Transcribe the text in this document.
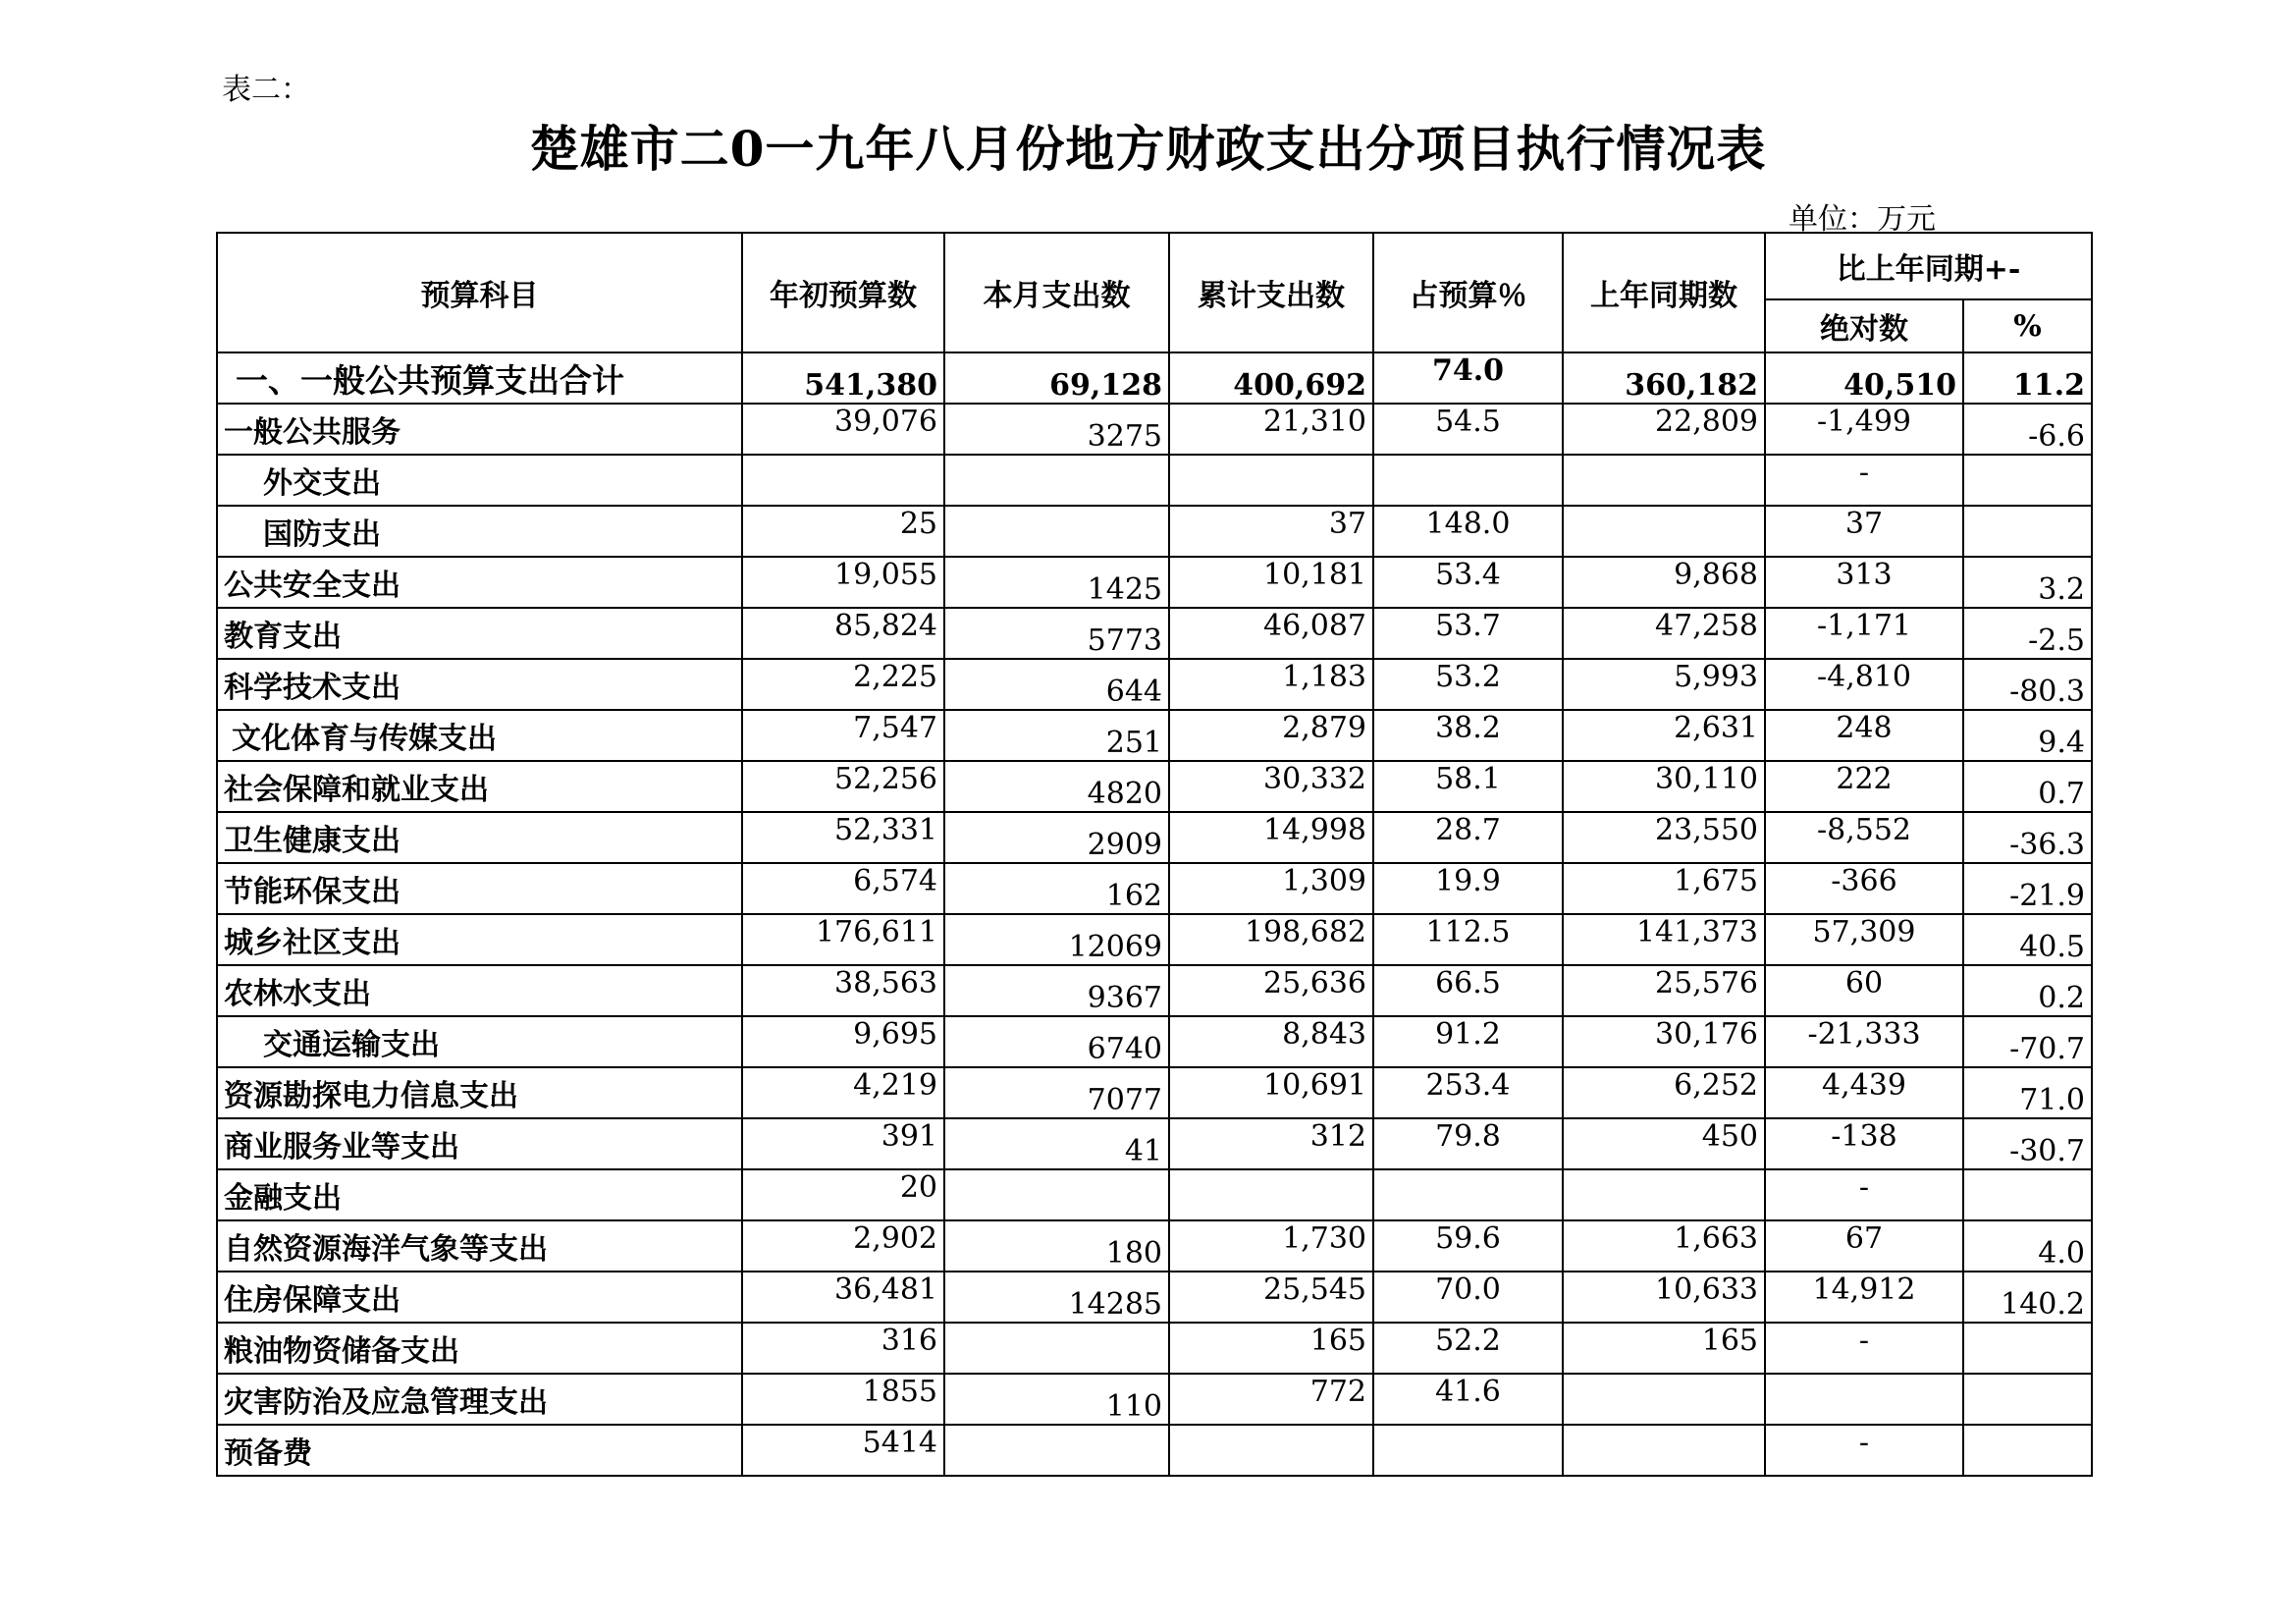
表二：
楚雄市二0一九年八月份地方财政支出分项目执行情况表
单位：万元
预算科目	年初预算数	本月支出数	累计支出数	占预算％	上年同期数	比上年同期+-	
						绝对数	%
一、一般公共预算支出合计	541,380	69,128	400,692	74.0	360,182	40,510	11.2
一般公共服务	39,076	3275	21,310	54.5	22,809	-1,499	-6.6
外交支出						-	
国防支出	25		37	148.0		37	
公共安全支出	19,055	1425	10,181	53.4	9,868	313	3.2
教育支出	85,824	5773	46,087	53.7	47,258	-1,171	-2.5
科学技术支出	2,225	644	1,183	53.2	5,993	-4,810	-80.3
文化体育与传媒支出	7,547	251	2,879	38.2	2,631	248	9.4
社会保障和就业支出	52,256	4820	30,332	58.1	30,110	222	0.7
卫生健康支出	52,331	2909	14,998	28.7	23,550	-8,552	-36.3
节能环保支出	6,574	162	1,309	19.9	1,675	-366	-21.9
城乡社区支出	176,611	12069	198,682	112.5	141,373	57,309	40.5
农林水支出	38,563	9367	25,636	66.5	25,576	60	0.2
交通运输支出	9,695	6740	8,843	91.2	30,176	-21,333	-70.7
资源勘探电力信息支出	4,219	7077	10,691	253.4	6,252	4,439	71.0
商业服务业等支出	391	41	312	79.8	450	-138	-30.7
金融支出	20					-	
自然资源海洋气象等支出	2,902	180	1,730	59.6	1,663	67	4.0
住房保障支出	36,481	14285	25,545	70.0	10,633	14,912	140.2
粮油物资储备支出	316		165	52.2	165	-	
灾害防治及应急管理支出	1855	110	772	41.6			
预备费	5414					-	
